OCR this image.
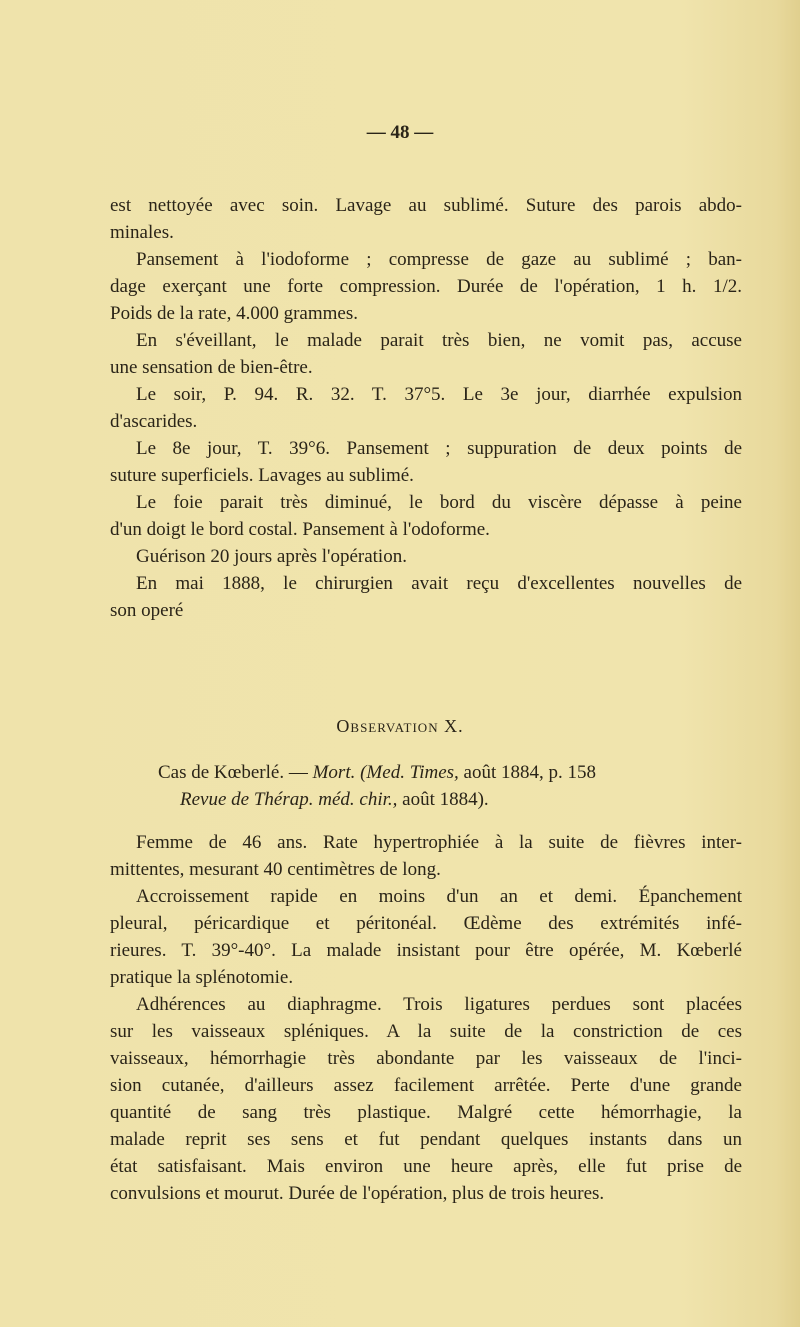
— 48 —
est nettoyée avec soin. Lavage au sublimé. Suture des parois abdo-
minales.
Pansement à l'iodoforme ; compresse de gaze au sublimé ; ban-
dage exerçant une forte compression. Durée de l'opération, 1 h. 1/2.
Poids de la rate, 4.000 grammes.
En s'éveillant, le malade parait très bien, ne vomit pas, accuse
une sensation de bien-être.
Le soir, P. 94. R. 32. T. 37°5. Le 3e jour, diarrhée expulsion
d'ascarides.
Le 8e jour, T. 39°6. Pansement ; suppuration de deux points de
suture superficiels. Lavages au sublimé.
Le foie parait très diminué, le bord du viscère dépasse à peine
d'un doigt le bord costal. Pansement à l'odoforme.
Guérison 20 jours après l'opération.
En mai 1888, le chirurgien avait reçu d'excellentes nouvelles de
son operé
Observation X.
Cas de Kœberlé. — Mort. (Med. Times, août 1884, p. 158
Revue de Thérap. méd. chir., août 1884).
Femme de 46 ans. Rate hypertrophiée à la suite de fièvres inter-
mittentes, mesurant 40 centimètres de long.
Accroissement rapide en moins d'un an et demi. Épanchement
pleural, péricardique et péritonéal. Œdème des extrémités infé-
rieures. T. 39°-40°. La malade insistant pour être opérée, M. Kœberlé
pratique la splénotomie.
Adhérences au diaphragme. Trois ligatures perdues sont placées
sur les vaisseaux spléniques. A la suite de la constriction de ces
vaisseaux, hémorrhagie très abondante par les vaisseaux de l'inci-
sion cutanée, d'ailleurs assez facilement arrêtée. Perte d'une grande
quantité de sang très plastique. Malgré cette hémorrhagie, la
malade reprit ses sens et fut pendant quelques instants dans un
état satisfaisant. Mais environ une heure après, elle fut prise de
convulsions et mourut. Durée de l'opération, plus de trois heures.
